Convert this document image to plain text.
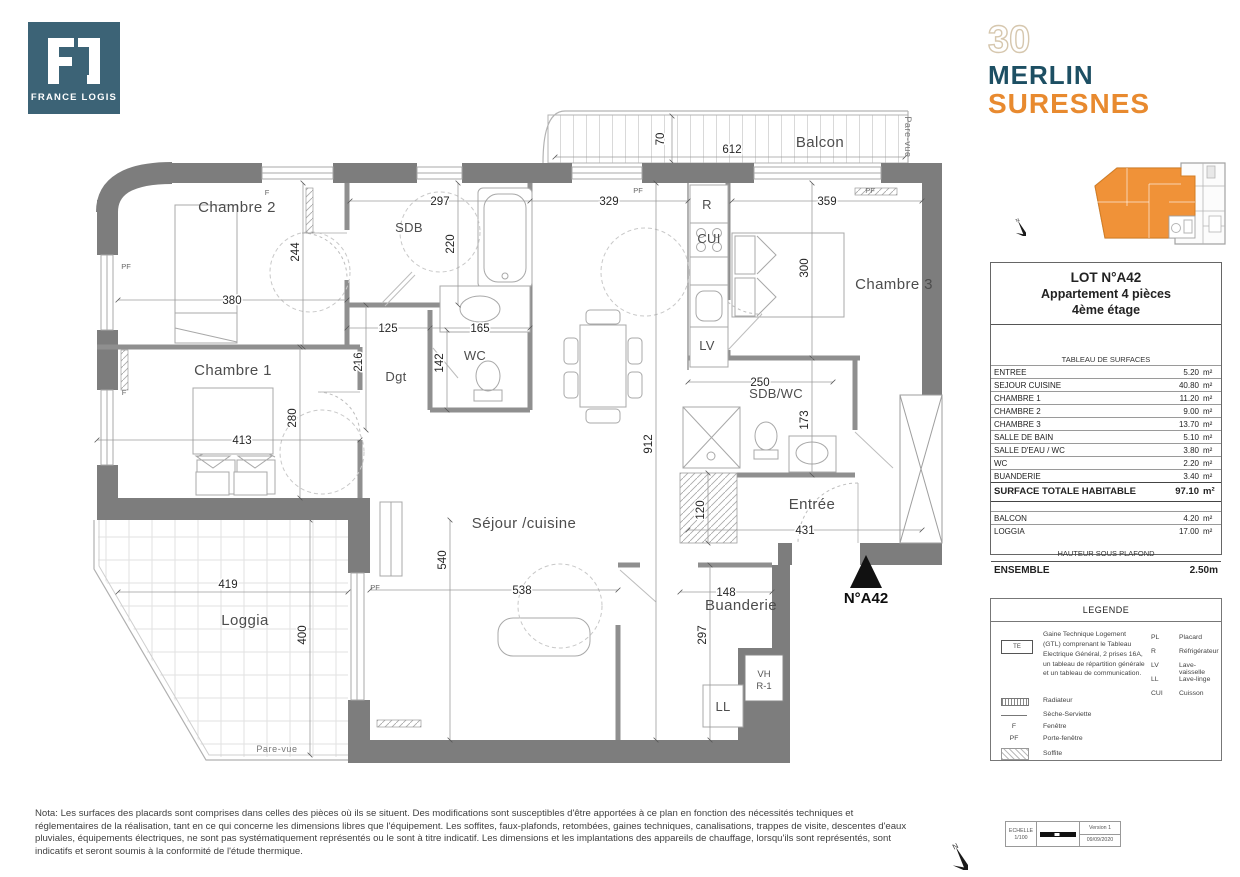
FRANCE LOGIS
30
MERLIN
SURESNES
612
70	Balcon	Pare-vue
419
400
Loggia
Pare-vue
VH
R-1
297	329	359
380
125	165
413
538
250
431
148
244	220
216	142
280
540
912
300
173
120
297
Chambre 2
Chambre 1
SDB
WC
Dgt
Séjour /cuisine
Chambre 3
SDB/WC
Entrée
Buanderie
R
CUI
LV
LL
F	PF	PF
PF
F
PF
N°A42
LOT N°A42
Appartement 4 pièces
4ème étage
TABLEAU DE SURFACES
ENTREE	5.20 m²
SEJOUR CUISINE	40.80 m²
CHAMBRE 1	11.20 m²
CHAMBRE 2	9.00 m²
CHAMBRE 3	13.70 m²
SALLE DE BAIN	5.10 m²
SALLE D'EAU / WC	3.80 m²
WC	2.20 m²
BUANDERIE	3.40 m²
SURFACE TOTALE HABITABLE	97.10 m²
BALCON	4.20 m²
LOGGIA	17.00 m²
HAUTEUR SOUS PLAFOND
ENSEMBLE	2.50 m
LEGENDE
TE
Gaine Technique Logement (GTL) comprenant le Tableau Electrique Général, 2 prises 16A, un tableau de répartition générale et un tableau de communication.
Radiateur
Sèche-Serviette
F	Fenêtre
PF	Porte-fenêtre
Soffite
PL	Placard
R	Réfrigérateur
LV	Lave-vaisselle
LL	Lave-linge
CUI	Cuisson
Nota: Les surfaces des placards sont comprises dans celles des pièces où ils se situent. Des modifications sont susceptibles d'être apportées à ce plan en fonction des nécessités techniques et réglementaires de la réalisation, tant en ce qui concerne les dimensions libres que l'équipement. Les soffites, faux-plafonds, retombées, gaines techniques, canalisations, trappes de visite, descentes d'eaux pluviales, équipements électriques, ne sont pas systématiquement représentés ou le sont à titre indicatif. Les dimensions et les implantations des appareils de chauffage, lorsqu'ils sont représentés, sont indicatifs et seront soumis à la conformité de l'étude thermique.
ECHELLE
1/100
Version 1
09/09/2020
